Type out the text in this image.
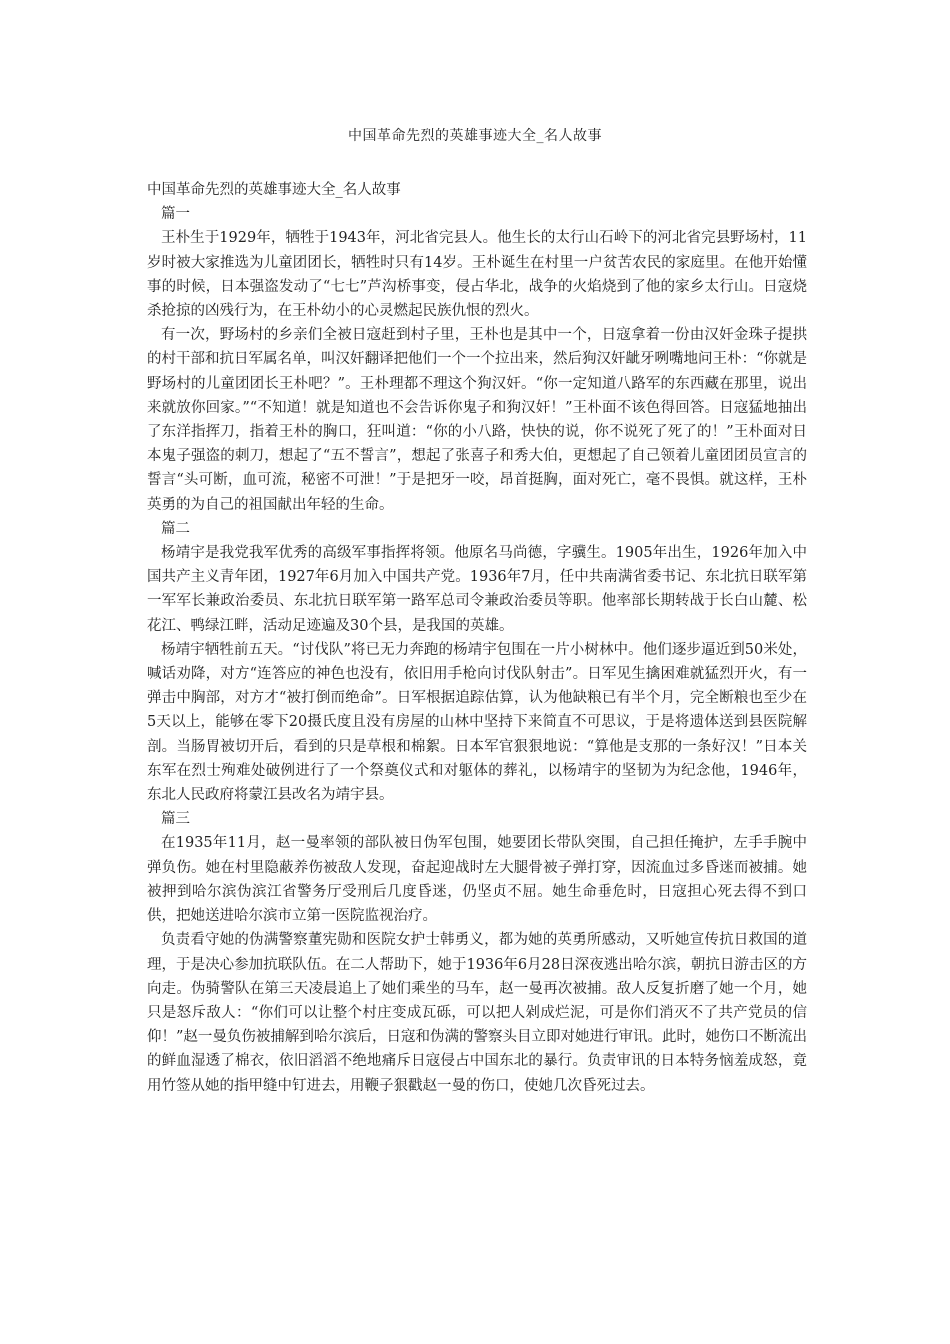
中国革命先烈的英雄事迹大全_名人故事

中国革命先烈的英雄事迹大全_名人故事

篇一

王朴生于1929年，牺牲于1943年，河北省完县人。他生长的太行山石岭下的河北省完县野场村，11岁时被大家推选为儿童团团长，牺牲时只有14岁。王朴诞生在村里一户贫苦农民的家庭里。在他开始懂事的时候，日本强盗发动了“七七”芦沟桥事变，侵占华北，战争的火焰烧到了他的家乡太行山。日寇烧杀抢掠的凶残行为，在王朴幼小的心灵燃起民族仇恨的烈火。

有一次，野场村的乡亲们全被日寇赶到村子里，王朴也是其中一个，日寇拿着一份由汉奸金珠子提拱的村干部和抗日军属名单，叫汉奸翻译把他们一个一个拉出来，然后狗汉奸龇牙咧嘴地问王朴：“你就是野场村的儿童团团长王朴吧？”。王朴理都不理这个狗汉奸。“你一定知道八路军的东西藏在那里，说出来就放你回家。”“不知道！就是知道也不会告诉你鬼子和狗汉奸！”王朴面不该色得回答。日寇猛地抽出了东洋指挥刀，指着王朴的胸口，狂叫道：“你的小八路，快快的说，你不说死了死了的！”王朴面对日本鬼子强盗的刺刀，想起了“五不誓言”，想起了张喜子和秀大伯，更想起了自己领着儿童团团员宣言的誓言“头可断，血可流，秘密不可泄！”于是把牙一咬，昂首挺胸，面对死亡，毫不畏惧。就这样，王朴英勇的为自己的祖国献出年轻的生命。

篇二

杨靖宇是我党我军优秀的高级军事指挥将领。他原名马尚德，字骥生。1905年出生，1926年加入中国共产主义青年团，1927年6月加入中国共产党。1936年7月，任中共南满省委书记、东北抗日联军第一军军长兼政治委员、东北抗日联军第一路军总司令兼政治委员等职。他率部长期转战于长白山麓、松花江、鸭绿江畔，活动足迹遍及30个县，是我国的英雄。

杨靖宇牺牲前五天。“讨伐队”将已无力奔跑的杨靖宇包围在一片小树林中。他们逐步逼近到50米处，喊话劝降，对方“连答应的神色也没有，依旧用手枪向讨伐队射击”。日军见生擒困难就猛烈开火，有一弹击中胸部，对方才“被打倒而绝命”。日军根据追踪估算，认为他缺粮已有半个月，完全断粮也至少在5天以上，能够在零下20摄氏度且没有房屋的山林中坚持下来简直不可思议，于是将遗体送到县医院解剖。当肠胃被切开后，看到的只是草根和棉絮。日本军官狠狠地说：“算他是支那的一条好汉！”日本关东军在烈士殉难处破例进行了一个祭奠仪式和对躯体的葬礼，以杨靖宇的坚韧为为纪念他，1946年，东北人民政府将蒙江县改名为靖宇县。

篇三

在1935年11月，赵一曼率领的部队被日伪军包围，她要团长带队突围，自己担任掩护，左手手腕中弹负伤。她在村里隐蔽养伤被敌人发现，奋起迎战时左大腿骨被子弹打穿，因流血过多昏迷而被捕。她被押到哈尔滨伪滨江省警务厅受刑后几度昏迷，仍坚贞不屈。她生命垂危时，日寇担心死去得不到口供，把她送进哈尔滨市立第一医院监视治疗。

负责看守她的伪满警察董宪勋和医院女护士韩勇义，都为她的英勇所感动，又听她宣传抗日救国的道理，于是决心参加抗联队伍。在二人帮助下，她于1936年6月28日深夜逃出哈尔滨，朝抗日游击区的方向走。伪骑警队在第三天凌晨追上了她们乘坐的马车，赵一曼再次被捕。敌人反复折磨了她一个月，她只是怒斥敌人：“你们可以让整个村庄变成瓦砾，可以把人剁成烂泥，可是你们消灭不了共产党员的信仰！”赵一曼负伤被捕解到哈尔滨后，日寇和伪满的警察头目立即对她进行审讯。此时，她伤口不断流出的鲜血湿透了棉衣，依旧滔滔不绝地痛斥日寇侵占中国东北的暴行。负责审讯的日本特务恼羞成怒，竟用竹签从她的指甲缝中钉进去，用鞭子狠戳赵一曼的伤口，使她几次昏死过去。
